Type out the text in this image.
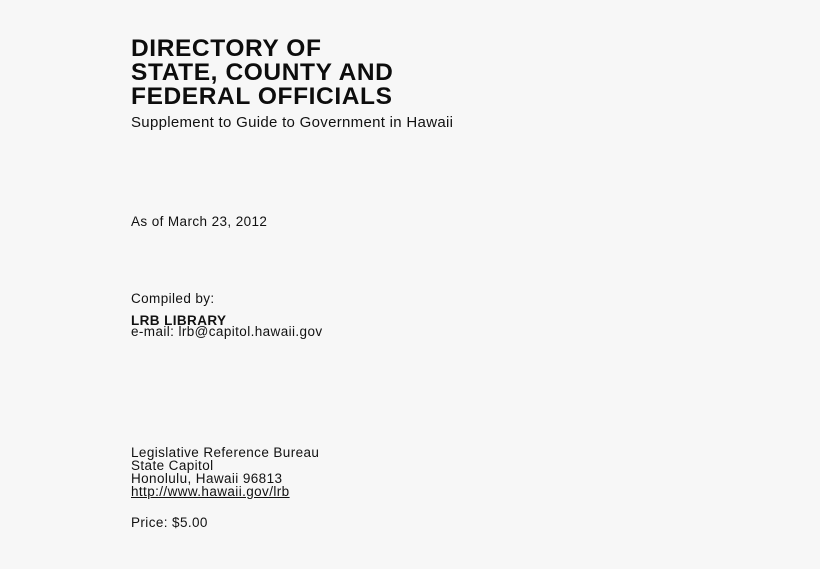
DIRECTORY OF
STATE, COUNTY AND
FEDERAL OFFICIALS
Supplement to Guide to Government in Hawaii
As of March 23, 2012
Compiled by:
LRB LIBRARY
e-mail: lrb@capitol.hawaii.gov
Legislative Reference Bureau
State Capitol
Honolulu, Hawaii 96813
http://www.hawaii.gov/lrb
Price: $5.00
